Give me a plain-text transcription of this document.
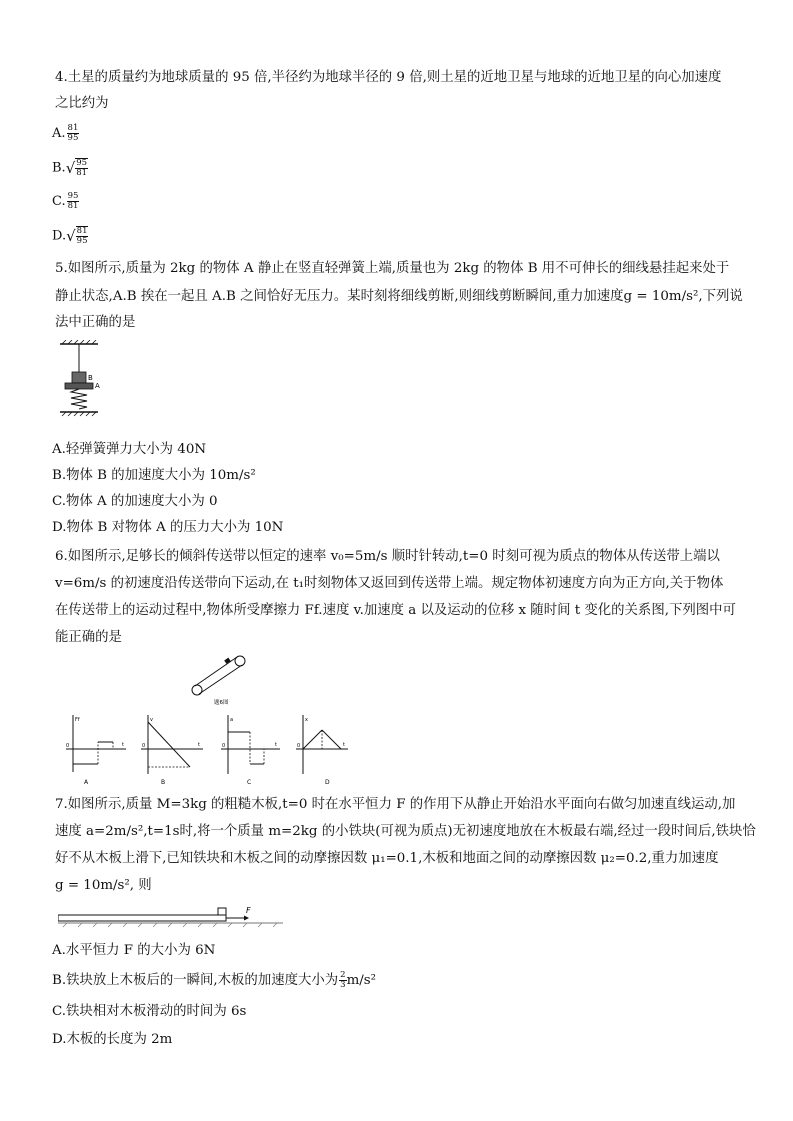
4.土星的质量约为地球质量的 95 倍,半径约为地球半径的 9 倍,则土星的近地卫星与地球的近地卫星的向心加速度
之比约为
A. $\frac{81}{95}$
$B.√ \frac{95}{81}$
C. $\frac{95}{81}$
$D.√ \frac{81}{95}$
5.如图所示,质量为 2kg 的物体 A 静止在竖直轻弹簧上端,质量也为 2kg 的物体 B 用不可伸长的细线悬挂起来处于
静止状态,A.B 挨在一起且 A.B 之间恰好无压力。某时刻将细线剪断,则细线剪断瞬间,重力加速度g = 10m/s²,下列说
法中正确的是
B
A
A.轻弹簧弹力大小为 40N
B.物体 B 的加速度大小为 10m/s²
C.物体 A 的加速度大小为 0
D.物体 B 对物体 A 的压力大小为 10N
6.如图所示,足够长的倾斜传送带以恒定的速率 v₀=5m/s 顺时针转动,t=0 时刻可视为质点的物体从传送带上端以
v=6m/s 的初速度沿传送带向下运动,在 t₁时刻物体又返回到传送带上端。规定物体初速度方向为正方向,关于物体
在传送带上的运动过程中,物体所受摩擦力 Ff.速度 v.加速度 a 以及运动的位移 x 随时间 t 变化的关系图,下列图中可
能正确的是
题6图
Ff
0	t
A
v
0	t
B
a
0	t
C
x
0	t
D
7.如图所示,质量 M=3kg 的粗糙木板,t=0 时在水平恒力 F 的作用下从静止开始沿水平面向右做匀加速直线运动,加
速度 a=2m/s²,t=1s时,将一个质量 m=2kg 的小铁块(可视为质点)无初速度地放在木板最右端,经过一段时间后,铁块恰
好不从木板上滑下,已知铁块和木板之间的动摩擦因数 μ₁=0.1,木板和地面之间的动摩擦因数 μ₂=0.2,重力加速度
g = 10m/s², 则
F
A.水平恒力 F 的大小为 6N
B.铁块放上木板后的一瞬间,木板的加速度大小为 $\frac{2}{3} m/s^2$
C.铁块相对木板滑动的时间为 6s
D.木板的长度为 2m
